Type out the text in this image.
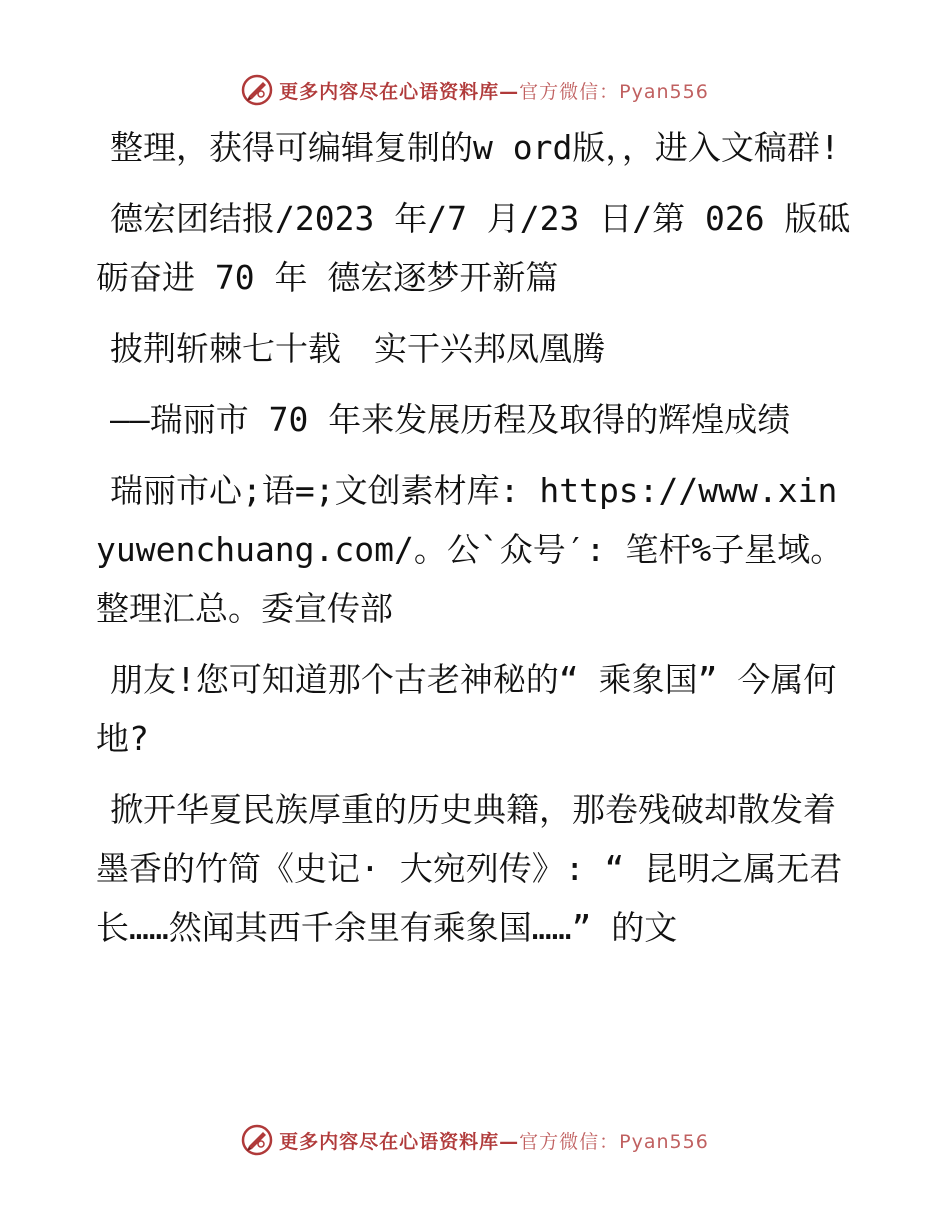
更多内容尽在心语资料库—官方微信：Pyan556

整理，获得可编辑复制的w ord版，，进入文稿群!

德宏团结报/2023 年/7 月/23 日/第 026 版砥砺奋进 70 年 德宏逐梦开新篇

披荆斩棘七十载　实干兴邦凤凰腾

——瑞丽市 70 年来发展历程及取得的辉煌成绩

瑞丽市心;语=;文创素材库: https://www.xinyuwenchuang.com/。公`众号′: 笔杆%子星域。整理汇总。委宣传部

朋友!您可知道那个古老神秘的“ 乘象国” 今属何地?

掀开华夏民族厚重的历史典籍，那卷残破却散发着墨香的竹简《史记· 大宛列传》: “ 昆明之属无君长……然闻其西千余里有乘象国……” 的文

更多内容尽在心语资料库—官方微信：Pyan556
